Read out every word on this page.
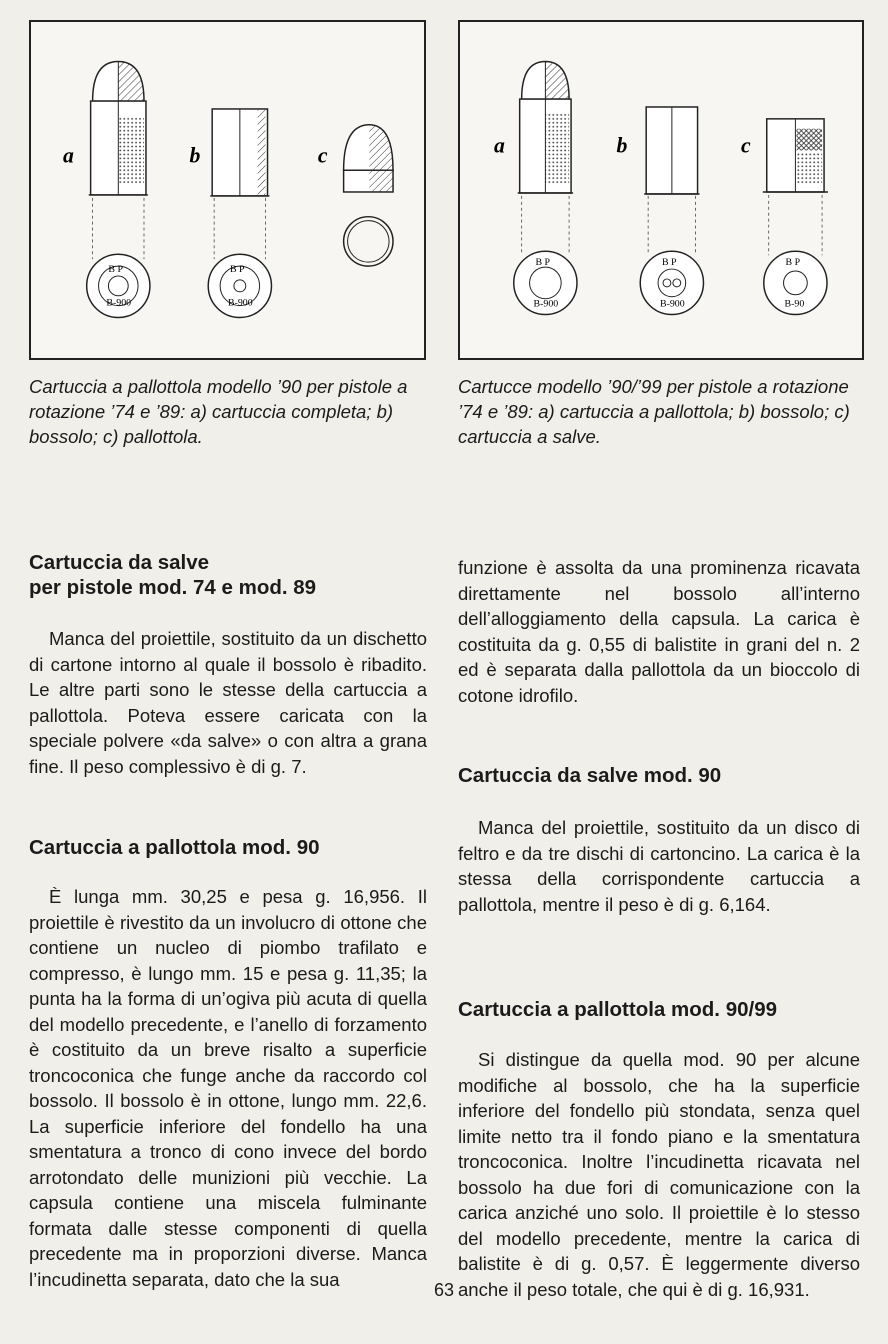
a	b	c
B P
B-900
B P
B-900
Cartuccia a pallottola modello ’90 per pistole a rotazione ’74 e ’89: a) cartuccia completa; b) bossolo; c) pallottola.
a	b	c
B P
B-900
B P
B-900
B P
B-90
Cartucce modello ’90/’99 per pistole a rotazione ’74 e ’89: a) cartuccia a pallottola; b) bossolo; c) cartuccia a salve.
Cartuccia da salve
per pistole mod. 74 e mod. 89

Manca del proiettile, sostituito da un dischetto di cartone intorno al quale il bossolo è ribadito. Le altre parti sono le stesse della cartuccia a pallottola. Poteva essere caricata con la speciale polvere «da salve» o con altra a grana fine. Il peso complessivo è di g. 7.

Cartuccia a pallottola mod. 90

È lunga mm. 30,25 e pesa g. 16,956. Il proiettile è rivestito da un involucro di ottone che contiene un nucleo di piombo trafilato e compresso, è lungo mm. 15 e pesa g. 11,35; la punta ha la forma di un’ogiva più acuta di quella del modello precedente, e l’anello di forzamento è costituito da un breve risalto a superficie troncoconica che funge anche da raccordo col bossolo. Il bossolo è in ottone, lungo mm. 22,6. La superficie inferiore del fondello ha una smentatura a tronco di cono invece del bordo arrotondato delle munizioni più vecchie. La capsula contiene una miscela fulminante formata dalle stesse componenti di quella precedente ma in proporzioni diverse. Manca l’incudinetta separata, dato che la sua

funzione è assolta da una prominenza ricavata direttamente nel bossolo all’interno dell’alloggiamento della capsula. La carica è costituita da g. 0,55 di balistite in grani del n. 2 ed è separata dalla pallottola da un bioccolo di cotone idrofilo.

Cartuccia da salve mod. 90

Manca del proiettile, sostituito da un disco di feltro e da tre dischi di cartoncino. La carica è la stessa della corrispondente cartuccia a pallottola, mentre il peso è di g. 6,164.

Cartuccia a pallottola mod. 90/99

Si distingue da quella mod. 90 per alcune modifiche al bossolo, che ha la superficie inferiore del fondello più stondata, senza quel limite netto tra il fondo piano e la smentatura troncoconica. Inoltre l’incudinetta ricavata nel bossolo ha due fori di comunicazione con la carica anziché uno solo. Il proiettile è lo stesso del modello precedente, mentre la carica di balistite è di g. 0,57. È leggermente diverso anche il peso totale, che qui è di g. 16,931.

63
